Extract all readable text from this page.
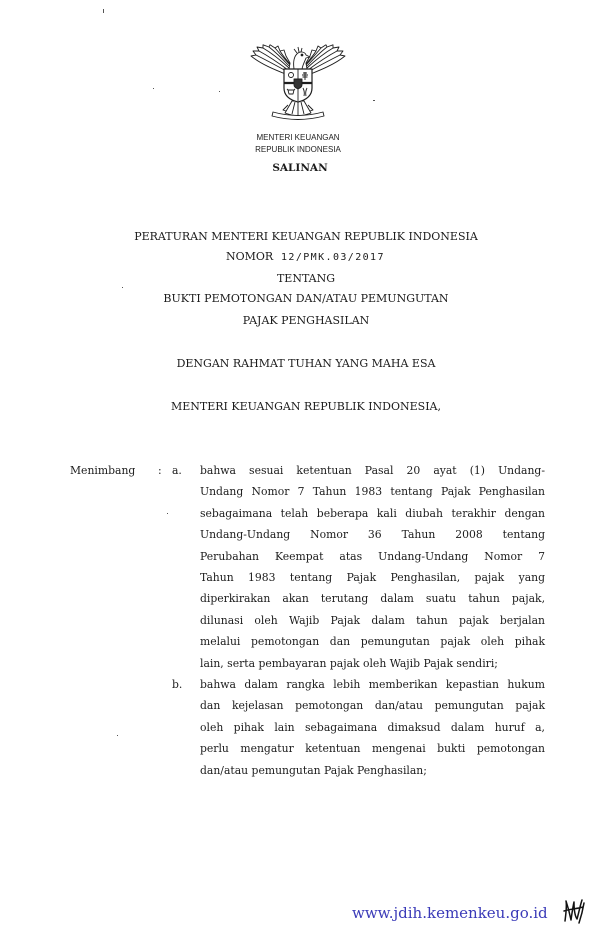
MENTERI KEUANGAN
REPUBLIK INDONESIA
SALINAN
PERATURAN MENTERI KEUANGAN REPUBLIK INDONESIA
NOMOR 12/PMK.03/2017
TENTANG
BUKTI PEMOTONGAN DAN/ATAU PEMUNGUTAN
PAJAK PENGHASILAN
DENGAN RAHMAT TUHAN YANG MAHA ESA
MENTERI KEUANGAN REPUBLIK INDONESIA,
Menimbang : a. bahwa sesuai ketentuan Pasal 20 ayat (1) Undang-
Undang Nomor 7 Tahun 1983 tentang Pajak Penghasilan
sebagaimana telah beberapa kali diubah terakhir dengan
Undang-Undang Nomor 36 Tahun 2008 tentang
Perubahan Keempat atas Undang-Undang Nomor 7
Tahun 1983 tentang Pajak Penghasilan, pajak yang
diperkirakan akan terutang dalam suatu tahun pajak,
dilunasi oleh Wajib Pajak dalam tahun pajak berjalan
melalui pemotongan dan pemungutan pajak oleh pihak
lain, serta pembayaran pajak oleh Wajib Pajak sendiri;
b. bahwa dalam rangka lebih memberikan kepastian hukum
dan kejelasan pemotongan dan/atau pemungutan pajak
oleh pihak lain sebagaimana dimaksud dalam huruf a,
perlu mengatur ketentuan mengenai bukti pemotongan
dan/atau pemungutan Pajak Penghasilan;
www.jdih.kemenkeu.go.id
